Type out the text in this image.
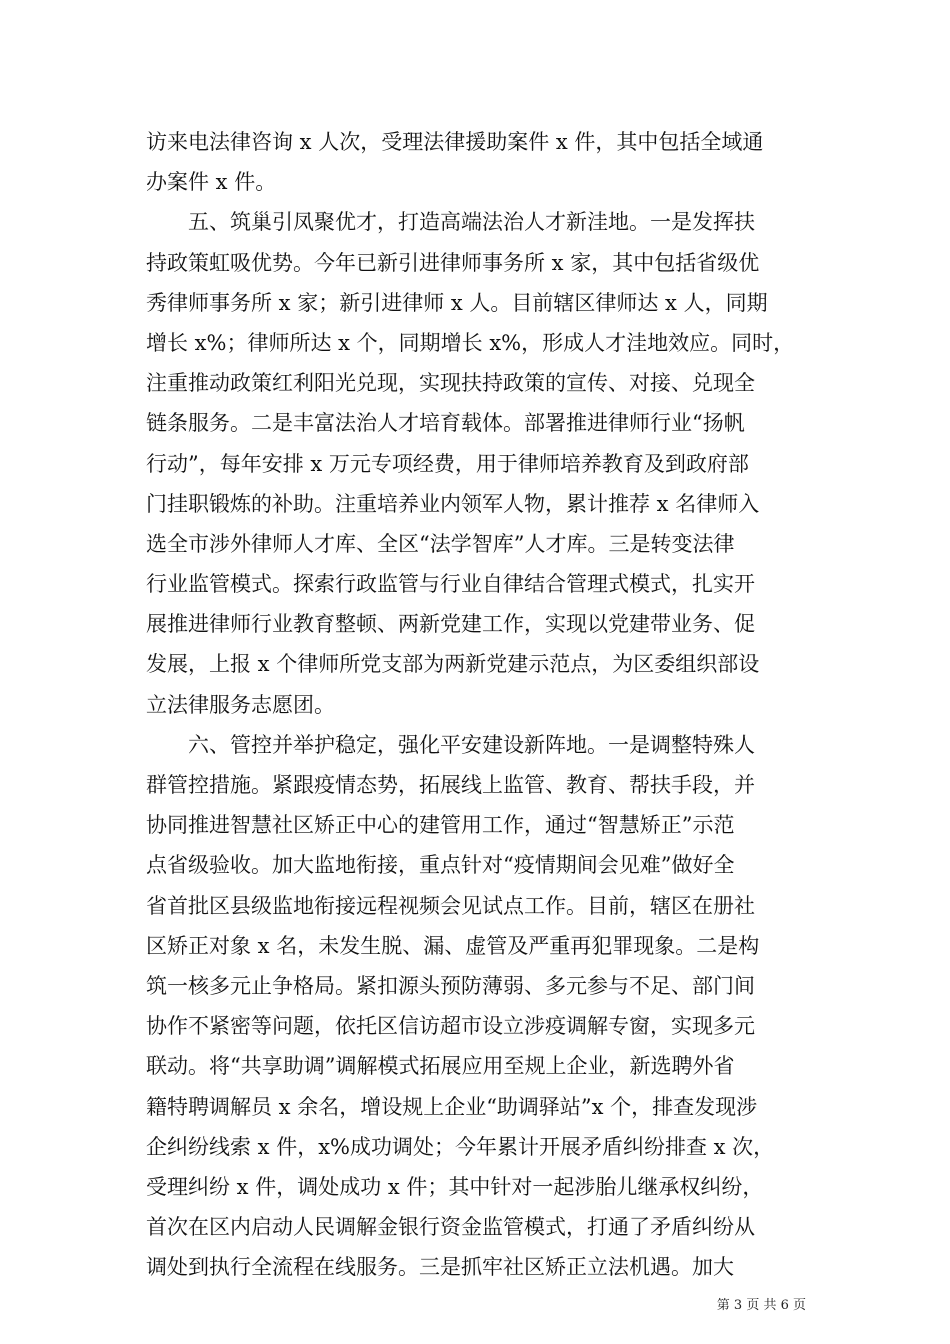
访来电法律咨询 x 人次，受理法律援助案件 x 件，其中包括全域通
办案件 x 件。
　　五、筑巢引凤聚优才，打造高端法治人才新洼地。一是发挥扶
持政策虹吸优势。今年已新引进律师事务所 x 家，其中包括省级优
秀律师事务所 x 家；新引进律师 x 人。目前辖区律师达 x 人，同期
增长 x%；律师所达 x 个，同期增长 x%，形成人才洼地效应。同时，
注重推动政策红利阳光兑现，实现扶持政策的宣传、对接、兑现全
链条服务。二是丰富法治人才培育载体。部署推进律师行业“扬帆
行动”，每年安排 x 万元专项经费，用于律师培养教育及到政府部
门挂职锻炼的补助。注重培养业内领军人物，累计推荐 x 名律师入
选全市涉外律师人才库、全区“法学智库”人才库。三是转变法律
行业监管模式。探索行政监管与行业自律结合管理式模式，扎实开
展推进律师行业教育整顿、两新党建工作，实现以党建带业务、促
发展，上报 x 个律师所党支部为两新党建示范点，为区委组织部设
立法律服务志愿团。
　　六、管控并举护稳定，强化平安建设新阵地。一是调整特殊人
群管控措施。紧跟疫情态势，拓展线上监管、教育、帮扶手段，并
协同推进智慧社区矫正中心的建管用工作，通过“智慧矫正”示范
点省级验收。加大监地衔接，重点针对“疫情期间会见难”做好全
省首批区县级监地衔接远程视频会见试点工作。目前，辖区在册社
区矫正对象 x 名，未发生脱、漏、虚管及严重再犯罪现象。二是构
筑一核多元止争格局。紧扣源头预防薄弱、多元参与不足、部门间
协作不紧密等问题，依托区信访超市设立涉疫调解专窗，实现多元
联动。将“共享助调”调解模式拓展应用至规上企业，新选聘外省
籍特聘调解员 x 余名，增设规上企业“助调驿站”x 个，排查发现涉
企纠纷线索 x 件，x%成功调处；今年累计开展矛盾纠纷排查 x 次，
受理纠纷 x 件，调处成功 x 件；其中针对一起涉胎儿继承权纠纷，
首次在区内启动人民调解金银行资金监管模式，打通了矛盾纠纷从
调处到执行全流程在线服务。三是抓牢社区矫正立法机遇。加大
第 3 页 共 6 页
